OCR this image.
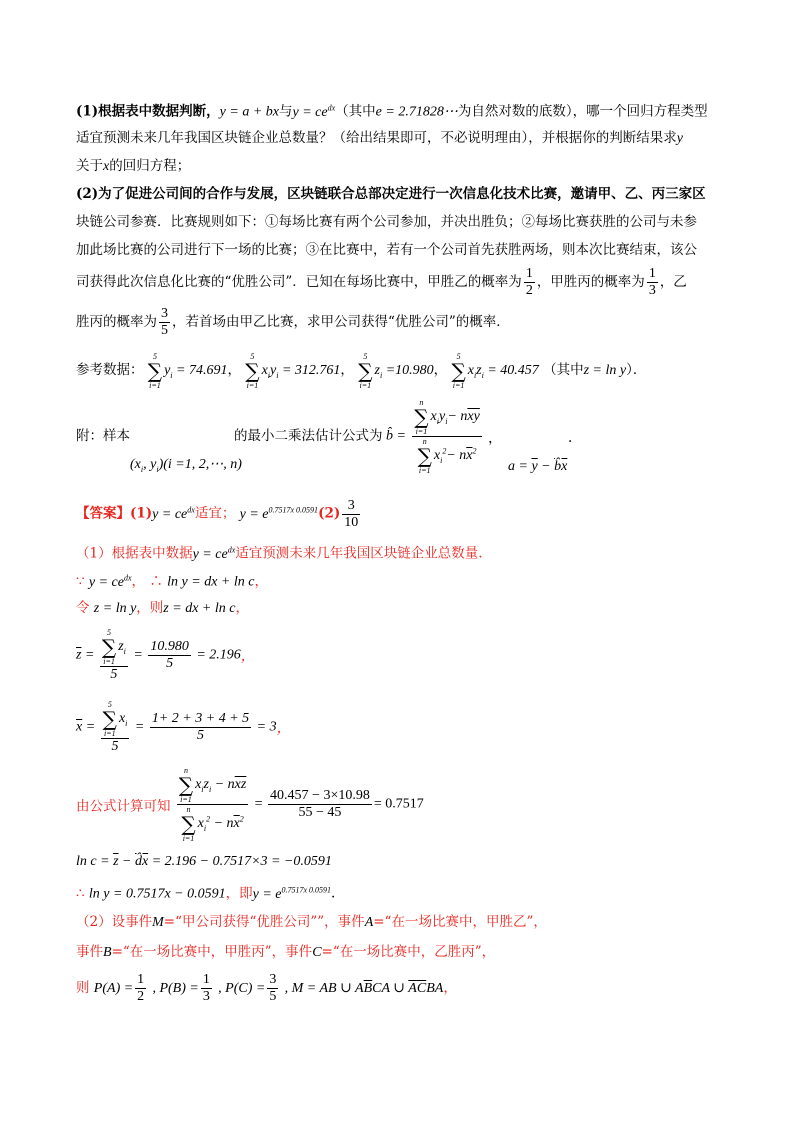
(1)根据表中数据判断，y = a + bx与$y = ce^{dx}$（其中e = 2.71828⋯为自然对数的底数），哪一个回归方程类型
适宜预测未来几年我国区块链企业总数量？（给出结果即可，不必说明理由），并根据你的判断结果求y
关于x的回归方程；
(2)为了促进公司间的合作与发展，区块链联合总部决定进行一次信息化技术比赛，邀请甲、乙、丙三家区
块链公司参赛．比赛规则如下：①每场比赛有两个公司参加，并决出胜负；②每场比赛获胜的公司与未参
加此场比赛的公司进行下一场的比赛；③在比赛中，若有一个公司首先获胜两场，则本次比赛结束，该公
司获得此次信息化比赛的“优胜公司”．已知在每场比赛中，甲胜乙的概率为 $\frac{1}{2}$ ，甲胜丙的概率为 $\frac{1}{3}$ ，乙
胜丙的概率为 $\frac{3}{5}$ ，若首场由甲乙比赛，求甲公司获得“优胜公司”的概率．
参考数据：
5
∑
i=1
$y_i = 74.691$，
5
∑
i=1
$x_iy_i = 312.761$，
5
∑
i=1
$z_i =10.980$，
5
∑
i=1
$x_iz_i = 40.457$ （其中z = ln y）．
附：样本
($x_i$, $y_i)(i =1$, 2,⋯, n)
的最小二乘法估计公式为 b̂ = n
∑
i=1
$x_iy_i- n\overline{xy}$
n
∑
i=1
$x_i^2- n\overline{x}^2$ ，
$a = \overline{y}$ − b̂x
.
【答案】$(1)y = ce^{dx}$适宜； $y = e^{0.7517x 0.0591}(2) \frac{3}{10}$
（1）根据表中数据$y = ce^{dx}$适宜预测未来几年我国区块链企业总数量.
∵ $y = ce^{dx}$， ∴ ln y = dx + ln c，
令 z = ln y，则z = dx + ln c，
$\overline{z} = 5$
∑
i=1
$z_i$
$5 = \frac{10.980}{5} = 2.196$，
$\overline{x} = 5$
∑
i=1
$x_i$
$5 = \frac{1+ 2 + 3 + 4 + 5}{5} = 3$，
由公式计算可知 n
∑
i=1
$x_iz_i - n\overline{xz}$
n
∑
i=1
$x_i^2 - n\overline{x}^2 = \frac{40.457 - 3\times 10.98}{55 - 45} = 0.7517$
$\ln c = \overline{z}$ − d̂x = 2.196 − 0.7517×3 = −0.0591
∴ ln y = 0.7517x − 0.0591，即$y = e^{0.7517x 0.0591}$.
（2）设事件M=“甲公司获得“优胜公司””，事件A=“在一场比赛中，甲胜乙”，
事件B=“在一场比赛中，甲胜丙”，事件C=“在一场比赛中，乙胜丙”，
则 $P(A) = \frac{1}{2}$ , $P(B) = \frac{1}{3}$ , $P(C) = \frac{3}{5}$ , M = AB ∪ $A\overline{B}CA$ ∪ $\overline{A}\overline{C}BA$，
